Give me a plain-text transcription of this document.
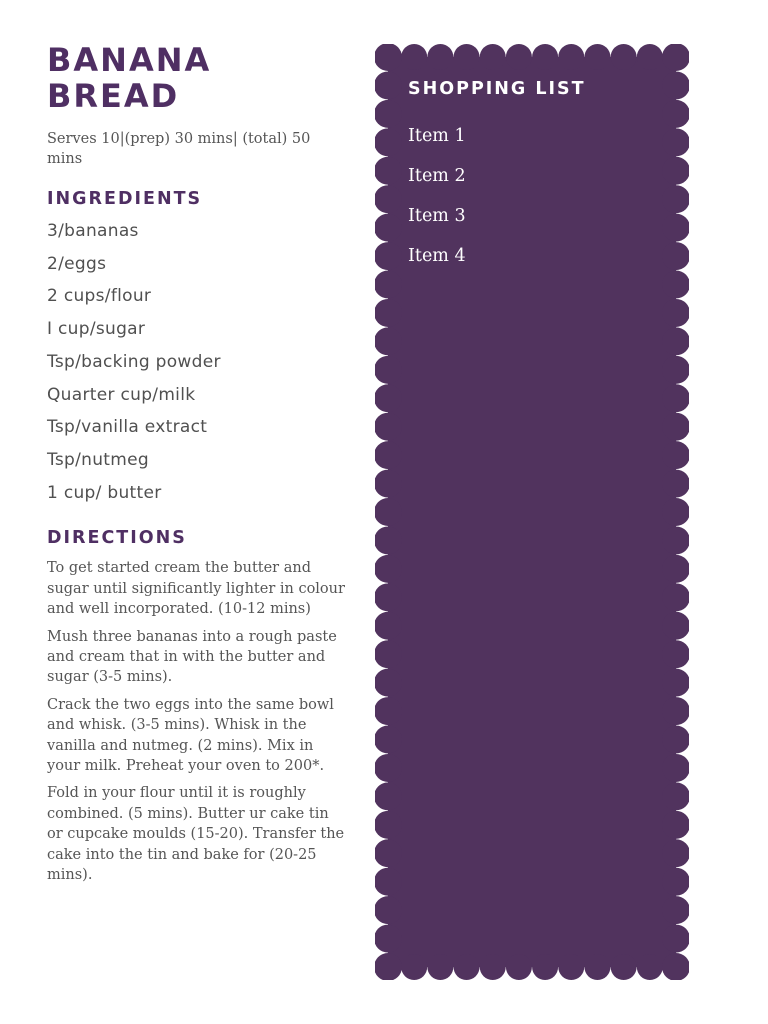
BANANA
BREAD

Serves 10|(prep) 30 mins| (total) 50 mins

INGREDIENTS
3/bananas
2/eggs
2 cups/flour
I cup/sugar
Tsp/backing powder
Quarter cup/milk
Tsp/vanilla extract
Tsp/nutmeg
1 cup/ butter
DIRECTIONS

To get started cream the butter and sugar until significantly lighter in colour and well incorporated. (10-12 mins)

Mush three bananas into a rough paste and cream that in with the butter and sugar (3-5 mins).

Crack the two eggs into the same bowl and whisk. (3-5 mins). Whisk in the vanilla and nutmeg. (2 mins). Mix in your milk. Preheat your oven to 200*.

Fold in your flour until it is roughly combined. (5 mins). Butter ur cake tin or cupcake moulds (15-20). Transfer the cake into the tin and bake for (20-25 mins).

SHOPPING LIST
Item 1
Item 2
Item 3
Item 4
